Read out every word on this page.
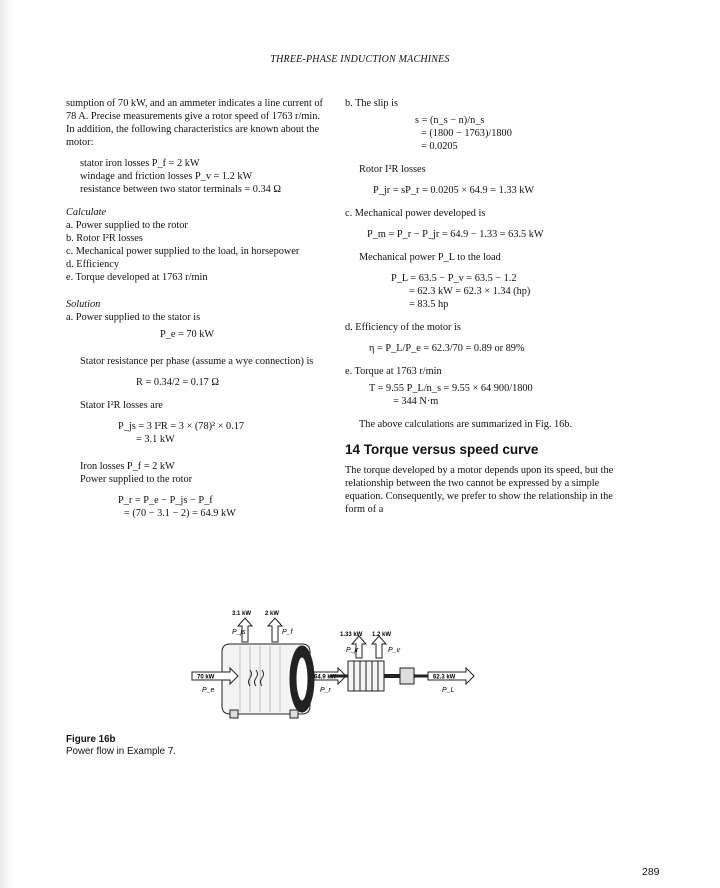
THREE-PHASE INDUCTION MACHINES

sumption of 70 kW, and an ammeter indicates a line current of 78 A. Precise measurements give a rotor speed of 1763 r/min. In addition, the following characteristics are known about the motor:

stator iron losses P_f = 2 kW

windage and friction losses P_v = 1.2 kW

resistance between two stator terminals = 0.34 Ω

Calculate

a. Power supplied to the rotor

b. Rotor I²R losses

c. Mechanical power supplied to the load, in horsepower

d. Efficiency

e. Torque developed at 1763 r/min

Solution

a. Power supplied to the stator is

P_e = 70 kW

Stator resistance per phase (assume a wye connection) is

R = 0.34/2 = 0.17 Ω

Stator I²R losses are

P_js = 3 I²R = 3 × (78)² × 0.17

= 3.1 kW

Iron losses P_f = 2 kW

Power supplied to the rotor

P_r = P_e − P_js − P_f

= (70 − 3.1 − 2) = 64.9 kW

b. The slip is

s = (n_s − n)/n_s

= (1800 − 1763)/1800

= 0.0205

Rotor I²R losses

P_jr = sP_r = 0.0205 × 64.9 = 1.33 kW

c. Mechanical power developed is

P_m = P_r − P_jr = 64.9 − 1.33 = 63.5 kW

Mechanical power P_L to the load

P_L = 63.5 − P_v = 63.5 − 1.2

= 62.3 kW = 62.3 × 1.34 (hp)

= 83.5 hp

d. Efficiency of the motor is

η = P_L/P_e = 62.3/70 = 0.89 or 89%

e. Torque at 1763 r/min

T = 9.55 P_L/n_s = 9.55 × 64 900/1800

= 344 N·m

The above calculations are summarized in Fig. 16b.

14 Torque versus speed curve

The torque developed by a motor depends upon its speed, but the relationship between the two cannot be expressed by a simple equation. Consequently, we prefer to show the relationship in the form of a

3.1 kW 2 kW
P_js	P_f
70 kW
P_e
64.9 kW
P_r
1.33 kW 1.2 kW
P_jr	P_v
62.3 kW
P_L
Figure 16b
Power flow in Example 7.
289
